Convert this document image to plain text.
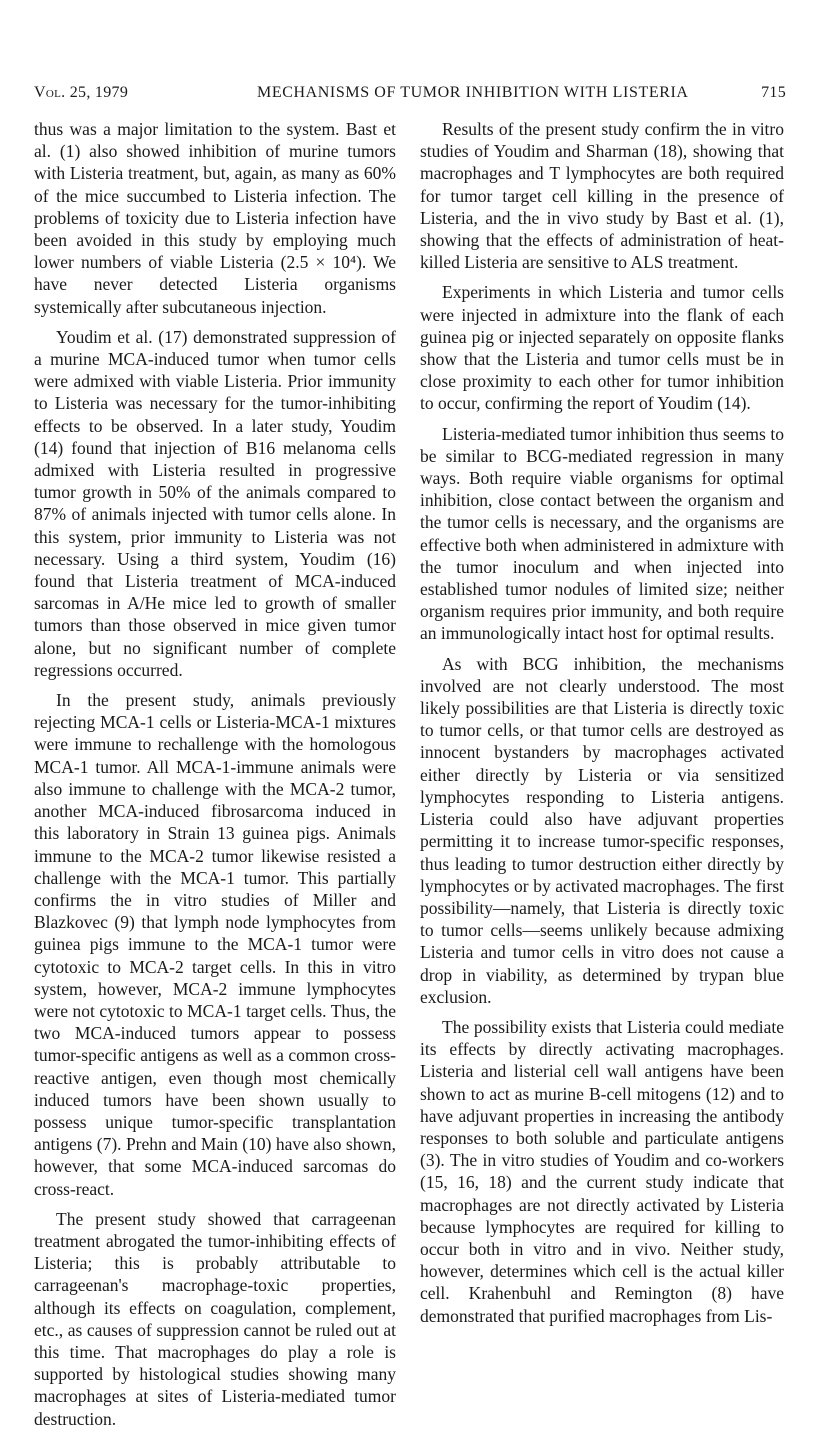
Vol. 25, 1979	MECHANISMS OF TUMOR INHIBITION WITH LISTERIA	715

thus was a major limitation to the system. Bast et al. (1) also showed inhibition of murine tumors with Listeria treatment, but, again, as many as 60% of the mice succumbed to Listeria infection. The problems of toxicity due to Listeria infection have been avoided in this study by employing much lower numbers of viable Listeria (2.5 × 10⁴). We have never detected Listeria organisms systemically after subcutaneous injection.

Youdim et al. (17) demonstrated suppression of a murine MCA-induced tumor when tumor cells were admixed with viable Listeria. Prior immunity to Listeria was necessary for the tumor-inhibiting effects to be observed. In a later study, Youdim (14) found that injection of B16 melanoma cells admixed with Listeria resulted in progressive tumor growth in 50% of the animals compared to 87% of animals injected with tumor cells alone. In this system, prior immunity to Listeria was not necessary. Using a third system, Youdim (16) found that Listeria treatment of MCA-induced sarcomas in A/He mice led to growth of smaller tumors than those observed in mice given tumor alone, but no significant number of complete regressions occurred.

In the present study, animals previously rejecting MCA-1 cells or Listeria-MCA-1 mixtures were immune to rechallenge with the homologous MCA-1 tumor. All MCA-1-immune animals were also immune to challenge with the MCA-2 tumor, another MCA-induced fibrosarcoma induced in this laboratory in Strain 13 guinea pigs. Animals immune to the MCA-2 tumor likewise resisted a challenge with the MCA-1 tumor. This partially confirms the in vitro studies of Miller and Blazkovec (9) that lymph node lymphocytes from guinea pigs immune to the MCA-1 tumor were cytotoxic to MCA-2 target cells. In this in vitro system, however, MCA-2 immune lymphocytes were not cytotoxic to MCA-1 target cells. Thus, the two MCA-induced tumors appear to possess tumor-specific antigens as well as a common cross-reactive antigen, even though most chemically induced tumors have been shown usually to possess unique tumor-specific transplantation antigens (7). Prehn and Main (10) have also shown, however, that some MCA-induced sarcomas do cross-react.

The present study showed that carrageenan treatment abrogated the tumor-inhibiting effects of Listeria; this is probably attributable to carrageenan's macrophage-toxic properties, although its effects on coagulation, complement, etc., as causes of suppression cannot be ruled out at this time. That macrophages do play a role is supported by histological studies showing many macrophages at sites of Listeria-mediated tumor destruction.

Results of the present study confirm the in vitro studies of Youdim and Sharman (18), showing that macrophages and T lymphocytes are both required for tumor target cell killing in the presence of Listeria, and the in vivo study by Bast et al. (1), showing that the effects of administration of heat-killed Listeria are sensitive to ALS treatment.

Experiments in which Listeria and tumor cells were injected in admixture into the flank of each guinea pig or injected separately on opposite flanks show that the Listeria and tumor cells must be in close proximity to each other for tumor inhibition to occur, confirming the report of Youdim (14).

Listeria-mediated tumor inhibition thus seems to be similar to BCG-mediated regression in many ways. Both require viable organisms for optimal inhibition, close contact between the organism and the tumor cells is necessary, and the organisms are effective both when administered in admixture with the tumor inoculum and when injected into established tumor nodules of limited size; neither organism requires prior immunity, and both require an immunologically intact host for optimal results.

As with BCG inhibition, the mechanisms involved are not clearly understood. The most likely possibilities are that Listeria is directly toxic to tumor cells, or that tumor cells are destroyed as innocent bystanders by macrophages activated either directly by Listeria or via sensitized lymphocytes responding to Listeria antigens. Listeria could also have adjuvant properties permitting it to increase tumor-specific responses, thus leading to tumor destruction either directly by lymphocytes or by activated macrophages. The first possibility—namely, that Listeria is directly toxic to tumor cells—seems unlikely because admixing Listeria and tumor cells in vitro does not cause a drop in viability, as determined by trypan blue exclusion.

The possibility exists that Listeria could mediate its effects by directly activating macrophages. Listeria and listerial cell wall antigens have been shown to act as murine B-cell mitogens (12) and to have adjuvant properties in increasing the antibody responses to both soluble and particulate antigens (3). The in vitro studies of Youdim and co-workers (15, 16, 18) and the current study indicate that macrophages are not directly activated by Listeria because lymphocytes are required for killing to occur both in vitro and in vivo. Neither study, however, determines which cell is the actual killer cell. Krahenbuhl and Remington (8) have demonstrated that purified macrophages from Lis-
